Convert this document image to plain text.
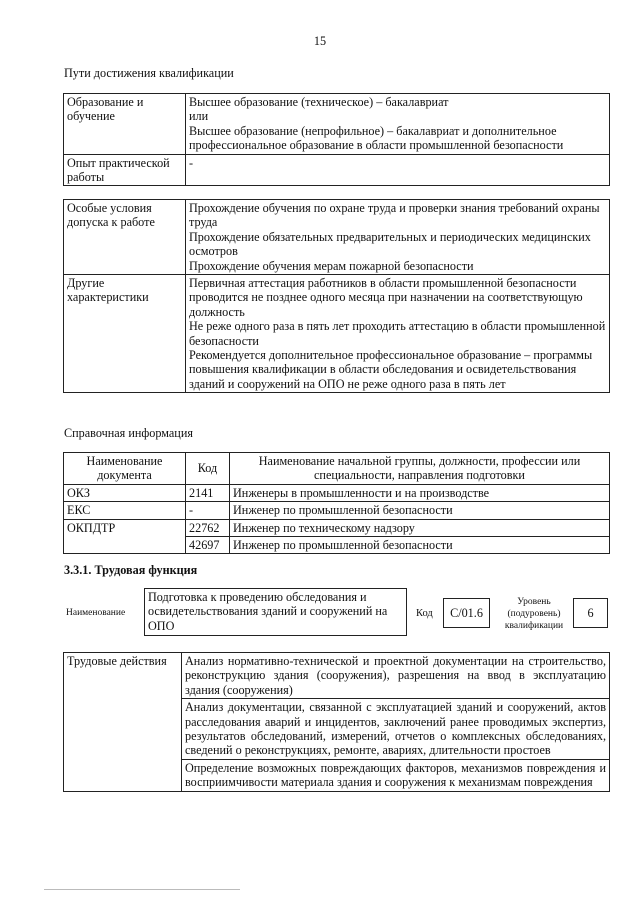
15
Пути достижения квалификации
Образование и обучение	Высшее образование (техническое) – бакалавриат

или

Высшее образование (непрофильное) – бакалавриат и дополнительное профессиональное образование в области промышленной безопасности

Опыт практической работы	-

Особые условия допуска к работе	Прохождение обучения по охране труда и проверки знания требований охраны труда

Прохождение обязательных предварительных и периодических медицинских осмотров

Прохождение обучения мерам пожарной безопасности

Другие характеристики	Первичная аттестация работников в области промышленной безопасности проводится не позднее одного месяца при назначении на соответствующую должность

Не реже одного раза в пять лет проходить аттестацию в области промышленной безопасности

Рекомендуется дополнительное профессиональное образование – программы повышения квалификации в области обследования и освидетельствования зданий и сооружений на ОПО не реже одного раза в пять лет

Справочная информация
Наименование документа	Код	Наименование начальной группы, должности, профессии или специальности, направления подготовки
ОКЗ	2141	Инженеры в промышленности и на производстве
ЕКС	-	Инженер по промышленной безопасности
ОКПДТР	22762	Инженер по техническому надзору
	42697	Инженер по промышленной безопасности
3.3.1. Трудовая функция
Наименование
Подготовка к проведению обследования и освидетельствования зданий и сооружений на ОПО
Код	C/01.6
Уровень (подуровень) квалификации
6
Трудовые действия	Анализ нормативно-технической и проектной документации на строительство, реконструкцию здания (сооружения), разрешения на ввод в эксплуатацию здания (сооружения)
Анализ документации, связанной с эксплуатацией зданий и сооружений, актов расследования аварий и инцидентов, заключений ранее проводимых экспертиз, результатов обследований, измерений, отчетов о комплексных обследованиях, сведений о реконструкциях, ремонте, авариях, длительности простоев
Определение возможных повреждающих факторов, механизмов повреждения и восприимчивости материала здания и сооружения к механизмам повреждения
